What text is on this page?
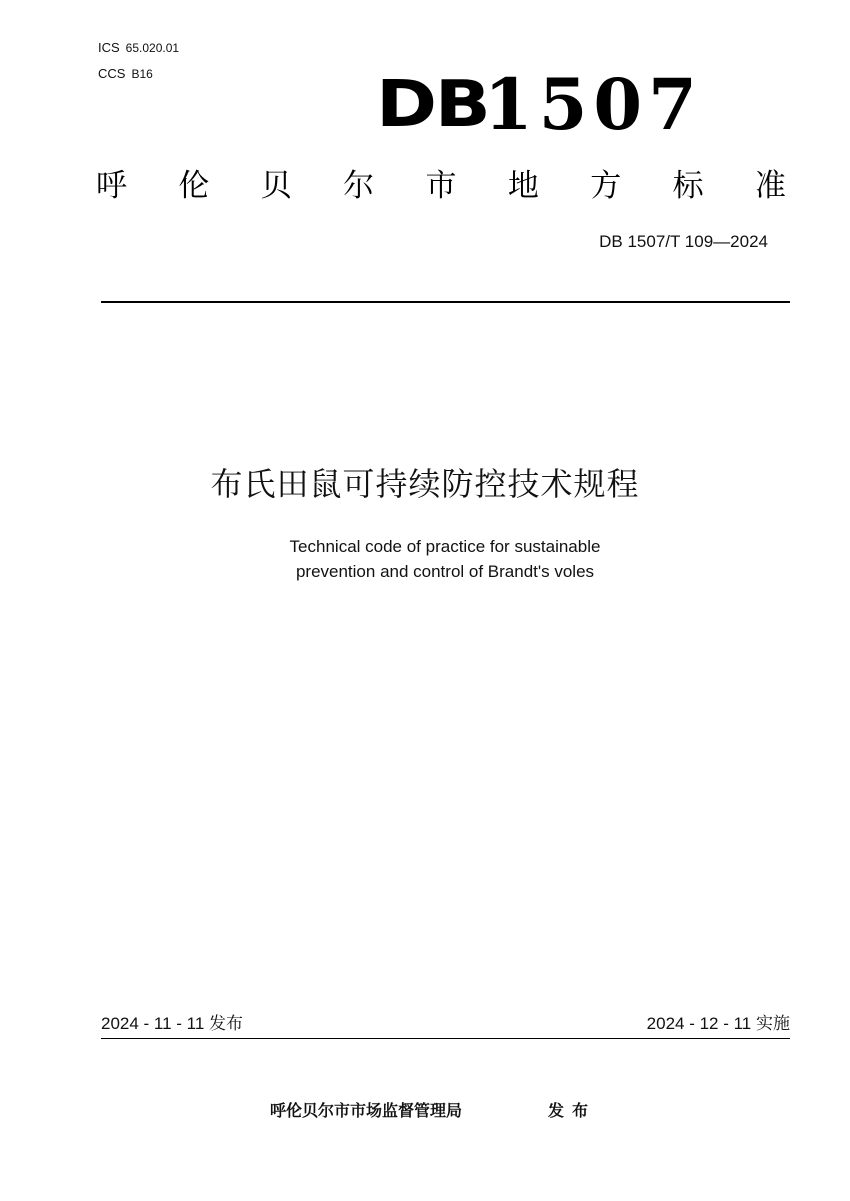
ICS 65.020.01
CCS B16	DB
1507
呼 伦 贝 尔 市 地 方 标 准
DB 1507/T 109—2024
布氏田鼠可持续防控技术规程
Technical code of practice for sustainable
prevention and control of Brandt's voles
2024 - 11 - 11 发布	2024 - 12 - 11 实施
呼伦贝尔市市场监督管理局	发布
